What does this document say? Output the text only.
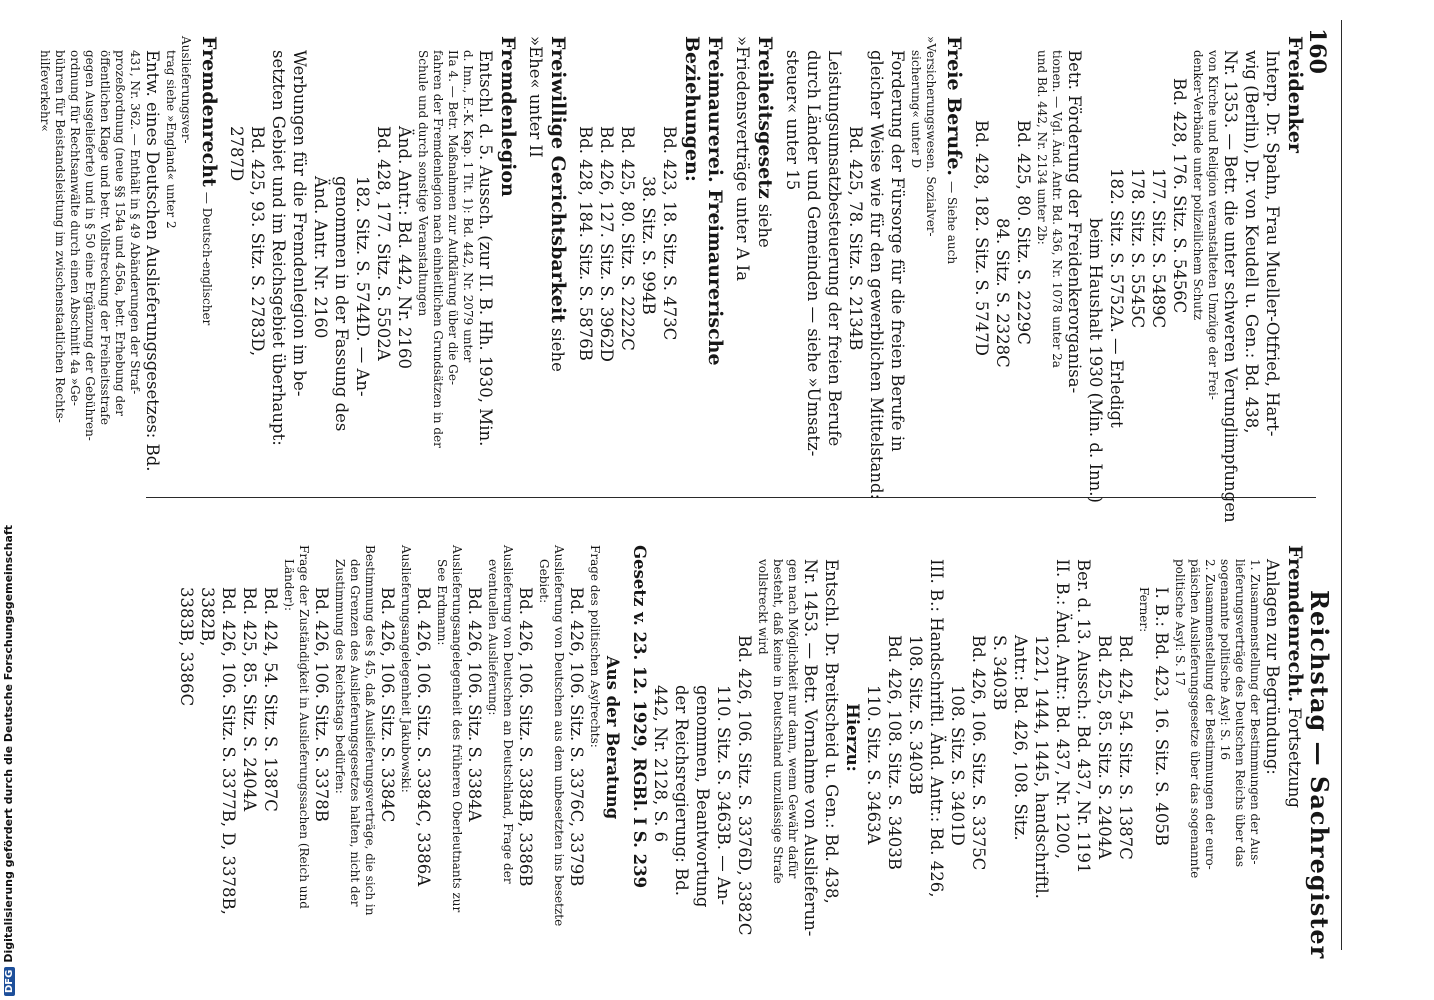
DFGDigitalisierung gefördert durch die Deutsche Forschungsgemeinschaft
160
Reichstag — Sachregister
Freidenker
Interp. Dr. Spahn, Frau Mueller-Otfried, Hart-
wig (Berlin), Dr. von Keudell u. Gen.: Bd. 438,
Nr. 1353. — Betr. die unter schweren Verunglimpfungen
von Kirche und Religion veranstalteten Umzüge der Frei-
denker-Verbände unter polizeilichem Schutz
Bd. 428, 176. Sitz. S. 5456C
177. Sitz. S. 5489C
178. Sitz. S. 5545C
182. Sitz. S. 5752A. — Erledigt
beim Haushalt 1930 (Min. d. Inn.)
Betr. Förderung der Freidenkerorganisa-
tionen. — Vgl. Änd. Antr. Bd. 436, Nr. 1078 unter 2a
und Bd. 442, Nr. 2134 unter 2b:
Bd. 425, 80. Sitz. S. 2229C
84. Sitz. S. 2328C
Bd. 428, 182. Sitz. S. 5747D
Freie Berufe. — Siehe auch »Versicherungswesen. Sozialver-
sicherung« unter D
Forderung der Fürsorge für die freien Berufe in
gleicher Weise wie für den gewerblichen Mittelstand:
Bd. 425, 78. Sitz. S. 2134B
Leistungsumsatzbesteuerung der freien Berufe
durch Länder und Gemeinden — siehe »Umsatz-
steuer« unter 15
Freiheitsgesetz siehe »Friedensverträge unter A Ia
Freimaurerei. Freimaurerische Beziehungen:
Bd. 423, 18. Sitz. S. 473C
38. Sitz. S. 994B
Bd. 425, 80. Sitz. S. 2222C
Bd. 426, 127. Sitz. S. 3962D
Bd. 428, 184. Sitz. S. 5876B
Freiwillige Gerichtsbarkeit siehe »Ehe« unter II
Fremdenlegion
Entschl. d. 5. Aussch. (zur II. B. Hh. 1930, Min.
d. Inn., E.-K. Kap. 1 Tit. 1): Bd. 442, Nr. 2079 unter
IIa 4. — Betr. Maßnahmen zur Aufklärung über die Ge-
fahren der Fremdenlegion nach einheitlichen Grundsätzen in der
Schule und durch sonstige Veranstaltungen
Änd. Antr.: Bd. 442, Nr. 2160
Bd. 428, 177. Sitz. S. 5502A
182. Sitz. S. 5744D. — An-
genommen in der Fassung des
Änd. Antr. Nr. 2160
Werbungen für die Fremdenlegion im be-
setzten Gebiet und im Reichsgebiet überhaupt:
Bd. 425, 93. Sitz. S. 2783D, 2787D
Fremdenrecht — Deutsch-englischer Auslieferungsver-
trag siehe »England« unter 2
Entw. eines Deutschen Auslieferungsgesetzes: Bd.
431, Nr. 362. — Enthält in § 49 Abänderungen der Straf-
prozeßordnung (neue §§ 154a und 456a, betr. Erhebung der
öffentlichen Klage und betr. Vollstreckung der Freiheitsstrafe
gegen Ausgelieferte) und in § 50 eine Ergänzung der Gebühren-
ordnung für Rechtsanwälte durch einen Abschnitt 4a »Ge-
bühren für Beistandsleistung im zwischenstaatlichen Rechts-
hilfeverkehr«
Fremdenrecht. Fortsetzung
Anlagen zur Begründung:
1. Zusammenstellung der Bestimmungen der Aus-
lieferungsverträge des Deutschen Reichs über das
sogenannte politische Asyl: S. 16
2. Zusammenstellung der Bestimmungen der euro-
päischen Auslieferungsgesetze über das sogenannte
politische Asyl: S. 17
I. B.: Bd. 423, 16. Sitz. S. 405B
Ferner:
Bd. 424, 54. Sitz. S. 1387C
Bd. 425, 85. Sitz. S. 2404A
Ber. d. 13. Aussch.: Bd. 437, Nr. 1191
II. B.: Änd. Antr.: Bd. 437, Nr. 1200,
1221, 1444, 1445, handschriftl.
Antr.: Bd. 426, 108. Sitz.
S. 3403B
Bd. 426, 106. Sitz. S. 3375C
108. Sitz. S. 3401D
III. B.: Handschriftl. Änd. Antr.: Bd. 426,
108. Sitz. S. 3403B
Bd. 426, 108. Sitz. S. 3403B
110. Sitz. S. 3463A
Hierzu:
Entschl. Dr. Breitscheid u. Gen.: Bd. 438,
Nr. 1453. — Betr. Vornahme von Auslieferun-
gen nach Möglichkeit nur dann, wenn Gewähr dafür
besteht, daß keine in Deutschland unzulässige Strafe
vollstreckt wird
Bd. 426, 106. Sitz. S. 3376D, 3382C
110. Sitz. S. 3463B. — An-
genommen, Beantwortung
der Reichsregierung: Bd.
442, Nr. 2128, S. 6
Gesetz v. 23. 12. 1929, RGBl. I S. 239
Aus der Beratung
Frage des politischen Asylrechts:
Bd. 426, 106. Sitz. S. 3376C, 3379B
Auslieferung von Deutschen aus dem unbesetzten ins besetzte Gebiet:
Bd. 426, 106. Sitz. S. 3384B, 3386B
Auslieferung von Deutschen an Deutschland, Frage der eventuellen Auslieferung:
Bd. 426, 106. Sitz. S. 3384A
Auslieferungsangelegenheit des früheren Oberleutnants zur See Erdmann:
Bd. 426, 106. Sitz. S. 3384C, 3386A
Auslieferungsangelegenheit Jakubowski:
Bd. 426, 106. Sitz. S. 3384C
Bestimmung des § 45, daß Auslieferungsverträge, die sich in den Grenzen des Auslieferungsgesetzes halten, nicht der Zustimmung des Reichstags bedürfen:
Bd. 426, 106. Sitz. S. 3378B
Frage der Zuständigkeit in Auslieferungssachen (Reich und Länder):
Bd. 424, 54. Sitz. S. 1387C
Bd. 425, 85. Sitz. S. 2404A
Bd. 426, 106. Sitz. S. 3377B, D, 3378B, 3382B,
3383B, 3386C
